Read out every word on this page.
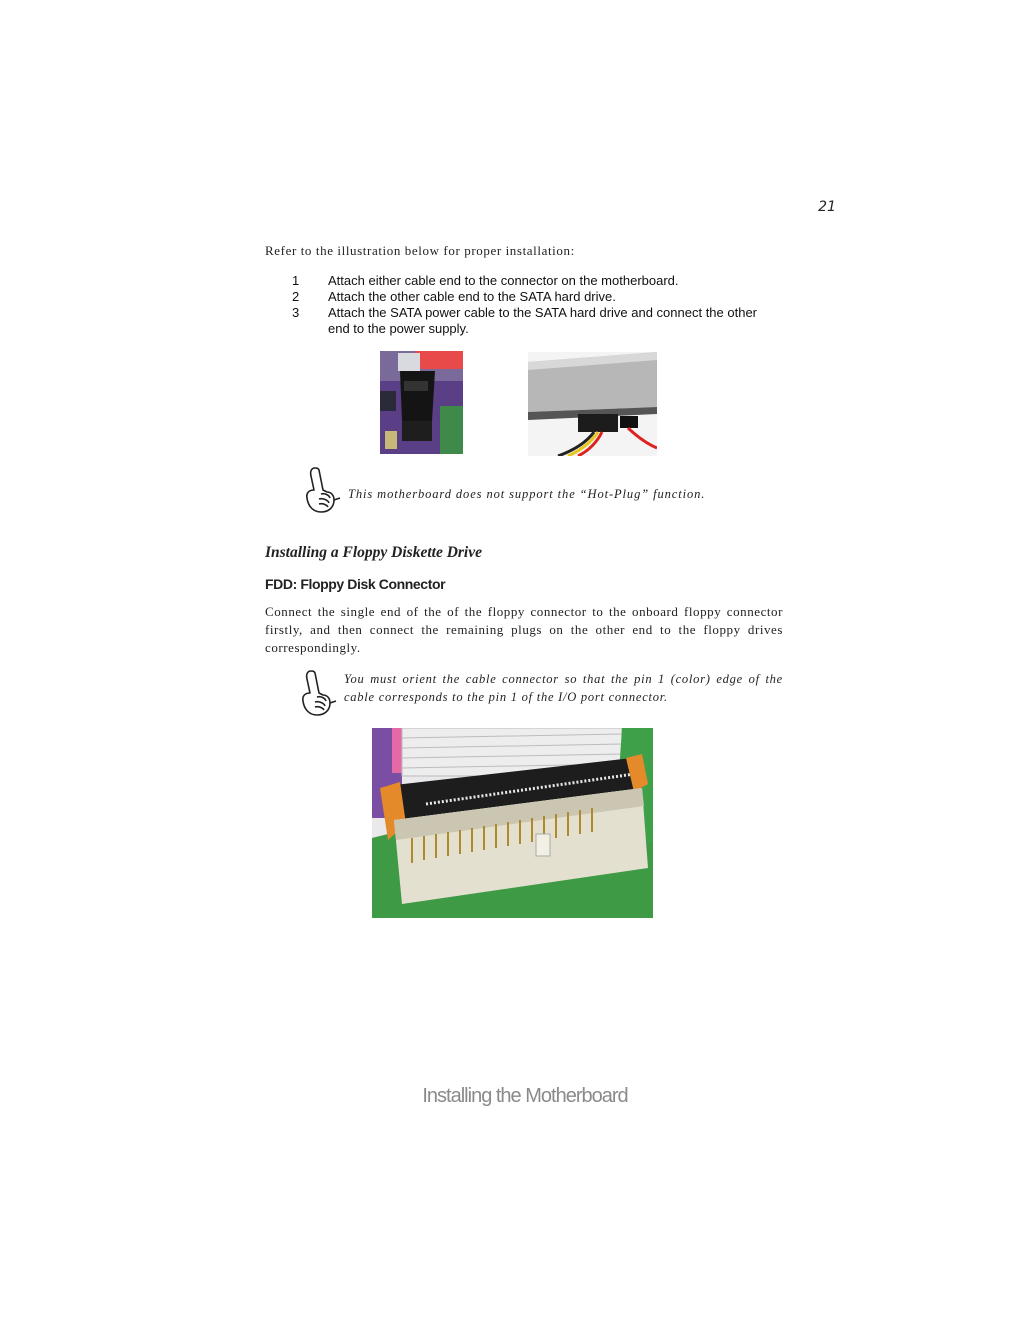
21
Refer to the illustration below for proper installation:
1	Attach either cable end to the connector on the motherboard.
2	Attach the other cable end to the SATA hard drive.
3	Attach the SATA power cable to the SATA hard drive and connect the other
end to the power supply.
This motherboard does not support the “Hot-Plug” function.
Installing a Floppy Diskette Drive
FDD: Floppy Disk Connector
Connect the single end of the of the floppy connector to the onboard floppy connector firstly, and then connect the remaining plugs on the other end to the floppy drives correspondingly.
You must orient the cable connector so that the pin 1 (color) edge of the cable corresponds to the pin 1 of the I/O port connector.
Installing the Motherboard
